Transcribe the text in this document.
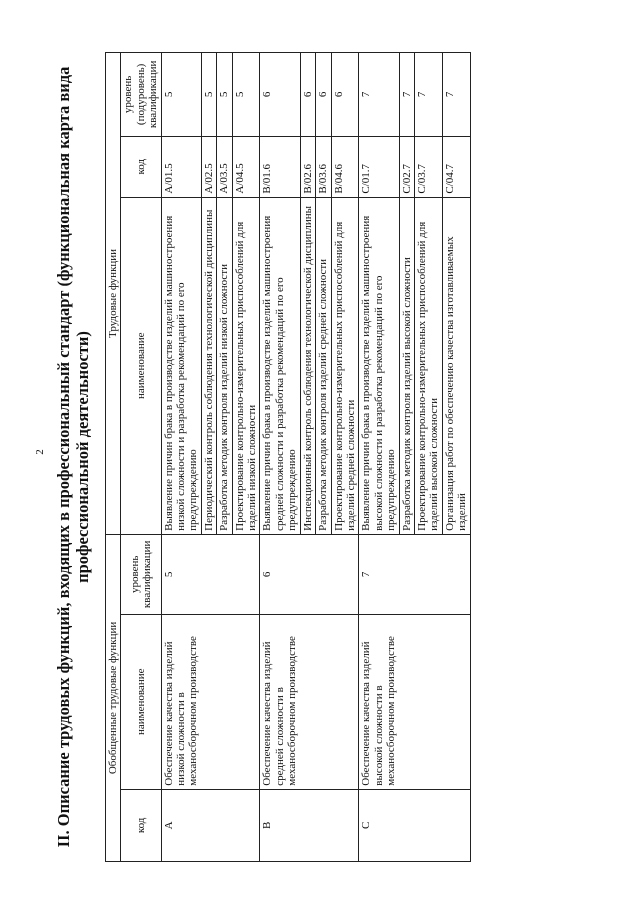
2 II. Описание трудовых функций, входящих в профессиональный стандарт (функциональная карта вида профессиональной деятельности)
Обобщенные трудовые функции			Трудовые функции		
код	наименование	уровень квалификации	наименование	код	уровень (подуровень) квалификации
A	Обеспечение качества изделий низкой сложности в механосборочном производстве	5	Выявление причин брака в производстве изделий машиностроения низкой сложности и разработка рекомендаций по его предупреждению	A/01.5	5
			Периодический контроль соблюдения технологической дисциплины	A/02.5	5
			Разработка методик контроля изделий низкой сложности	A/03.5	5
			Проектирование контрольно-измерительных приспособлений для изделий низкой сложности	A/04.5	5
B	Обеспечение качества изделий средней сложности в механосборочном производстве	6	Выявление причин брака в производстве изделий машиностроения средней сложности и разработка рекомендаций по его предупреждению	B/01.6	6
			Инспекционный контроль соблюдения технологической дисциплины	B/02.6	6
			Разработка методик контроля изделий средней сложности	B/03.6	6
			Проектирование контрольно-измерительных приспособлений для изделий средней сложности	B/04.6	6
C	Обеспечение качества изделий высокой сложности в механосборочном производстве	7	Выявление причин брака в производстве изделий машиностроения высокой сложности и разработка рекомендаций по его предупреждению	C/01.7	7
			Разработка методик контроля изделий высокой сложности	C/02.7	7
			Проектирование контрольно-измерительных приспособлений для изделий высокой сложности	C/03.7	7
			Организация работ по обеспечению качества изготавливаемых изделий	C/04.7	7
